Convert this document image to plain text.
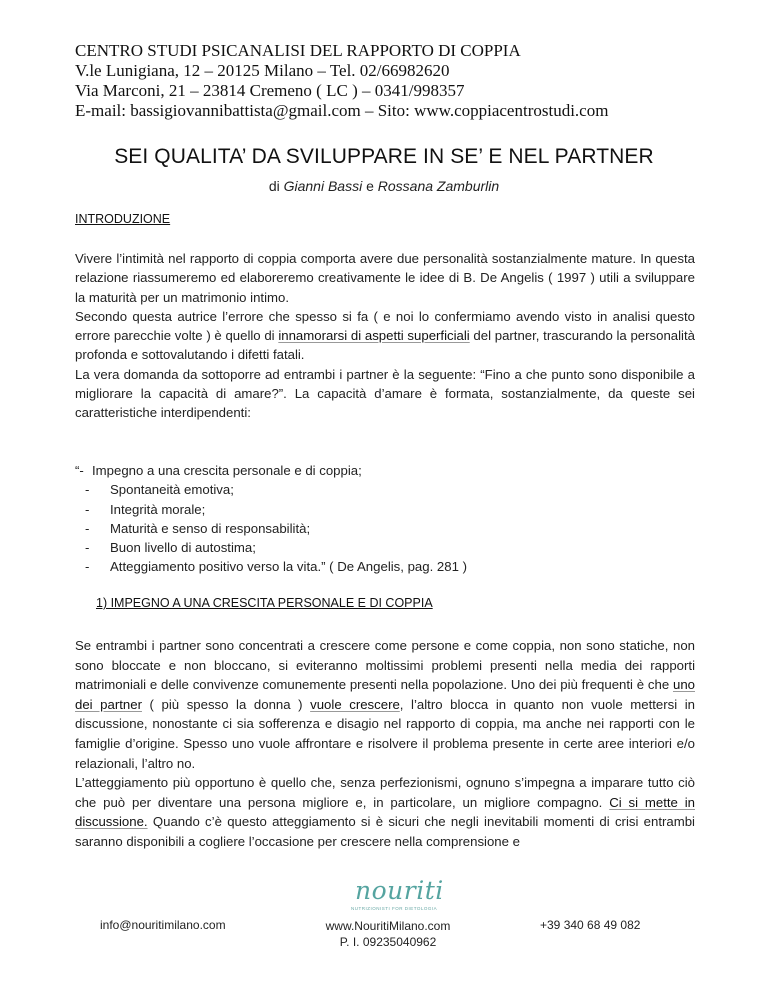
CENTRO STUDI PSICANALISI DEL RAPPORTO DI COPPIA
V.le Lunigiana, 12 – 20125 Milano – Tel. 02/66982620
Via Marconi, 21 – 23814 Cremeno ( LC ) – 0341/998357
E-mail: bassigiovannibattista@gmail.com – Sito: www.coppiacentrostudi.com
SEI QUALITA’ DA SVILUPPARE IN SE’ E NEL PARTNER
di Gianni Bassi e Rossana Zamburlin
INTRODUZIONE

Vivere l’intimità nel rapporto di coppia comporta avere due personalità sostanzialmente mature. In questa relazione riassumeremo ed elaboreremo creativamente le idee di B. De Angelis ( 1997 ) utili a sviluppare la maturità per un matrimonio intimo.

Secondo questa autrice l’errore che spesso si fa ( e noi lo confermiamo avendo visto in analisi questo errore parecchie volte ) è quello di innamorarsi di aspetti superficiali del partner, trascurando la personalità profonda e sottovalutando i difetti fatali.

La vera domanda da sottoporre ad entrambi i partner è la seguente: “Fino a che punto sono disponibile a migliorare la capacità di amare?”. La capacità d’amare è formata, sostanzialmente, da queste sei caratteristiche interdipendenti:

“- Impegno a una crescita personale e di coppia;
-	Spontaneità emotiva;
-	Integrità morale;
-	Maturità e senso di responsabilità;
-	Buon livello di autostima;
-	Atteggiamento positivo verso la vita.” ( De Angelis, pag. 281 )
1) IMPEGNO A UNA CRESCITA PERSONALE E DI COPPIA

Se entrambi i partner sono concentrati a crescere come persone e come coppia, non sono statiche, non sono bloccate e non bloccano, si eviteranno moltissimi problemi presenti nella media dei rapporti matrimoniali e delle convivenze comunemente presenti nella popolazione. Uno dei più frequenti è che uno dei partner ( più spesso la donna ) vuole crescere, l’altro blocca in quanto non vuole mettersi in discussione, nonostante ci sia sofferenza e disagio nel rapporto di coppia, ma anche nei rapporti con le famiglie d’origine. Spesso uno vuole affrontare e risolvere il problema presente in certe aree interiori e/o relazionali, l’altro no.

L’atteggiamento più opportuno è quello che, senza perfezionismi, ognuno s’impegna a imparare tutto ciò che può per diventare una persona migliore e, in particolare, un migliore compagno. Ci si mette in discussione. Quando c’è questo atteggiamento si è sicuri che negli inevitabili momenti di crisi entrambi saranno disponibili a cogliere l’occasione per crescere nella comprensione e

nouriti
NUTRIZIONISTI FOR DIETOLOGIA
info@nouritimilano.com	www.NouritiMilano.com
P. I. 09235040962
+39 340 68 49 082
